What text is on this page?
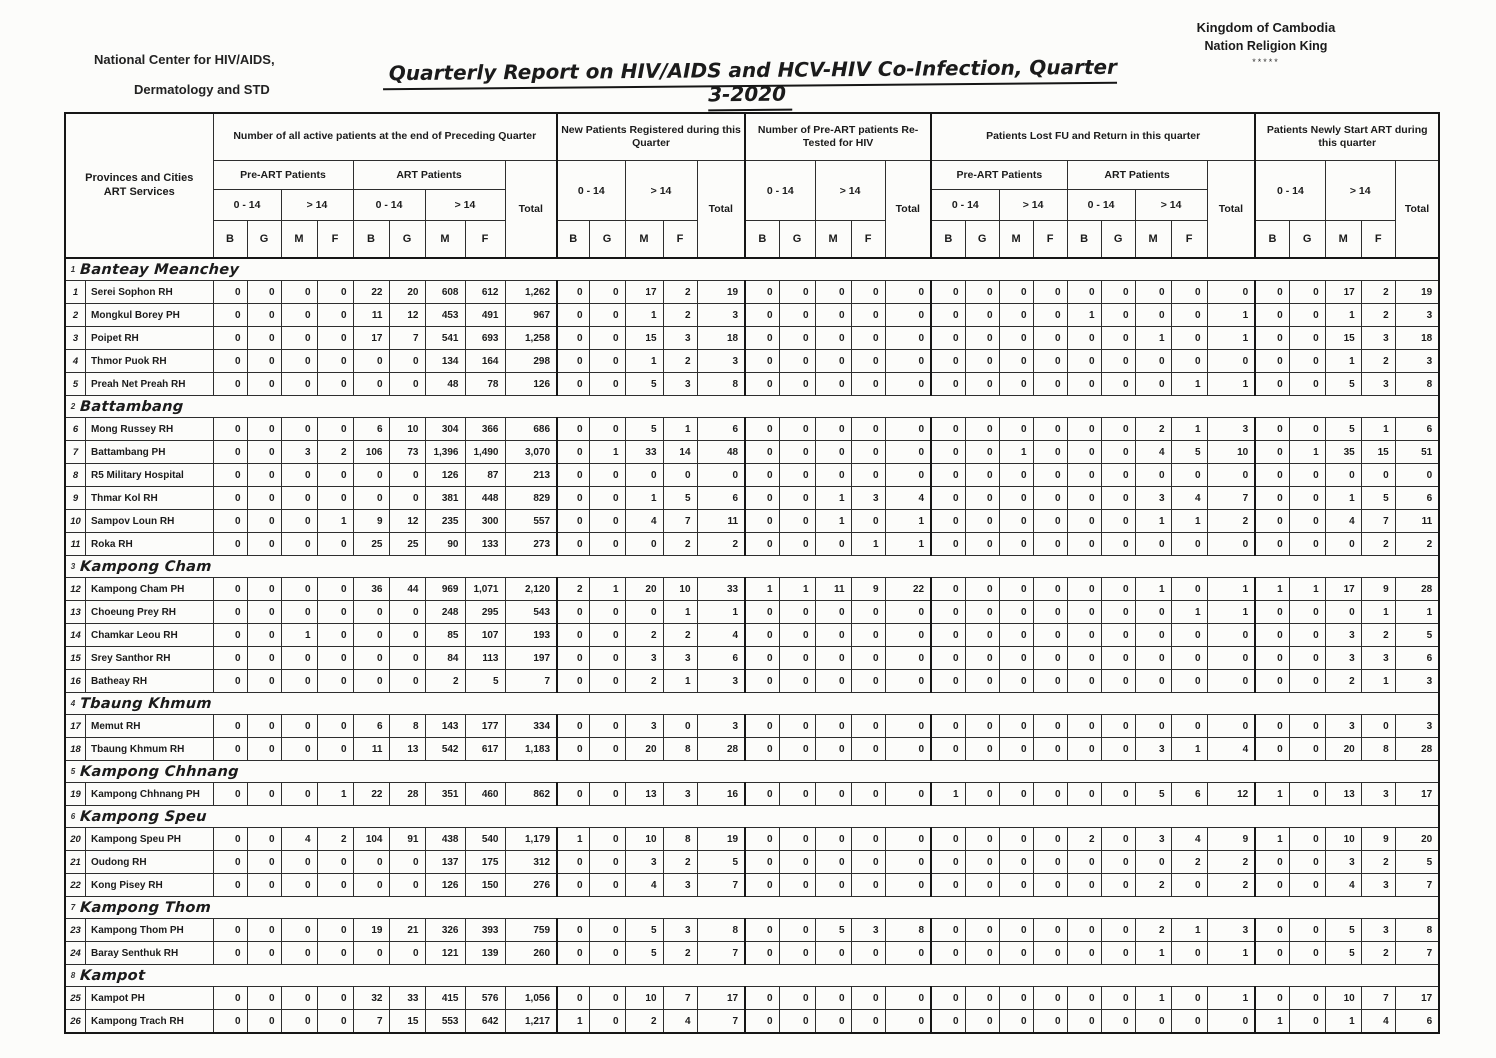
National Center for HIV/AIDS,
Dermatology and STD
Quarterly Report on HIV/AIDS and HCV-HIV Co-Infection, Quarter 3-2020
Kingdom of Cambodia
Nation Religion King
*****
Provinces and Cities
ART Services	Number of all active patients at the end of Preceding Quarter									New Patients Registered during this Quarter					Number of Pre-ART patients Re-Tested for HIV					Patients Lost FU and Return in this quarter									Patients Newly Start ART during this quarter				
	Pre-ART Patients				ART Patients				Total	0 - 14		> 14		Total	0 - 14		> 14		Total	Pre-ART Patients				ART Patients				Total	0 - 14		> 14		Total
	0 - 14		> 14		0 - 14		> 14													0 - 14		> 14		0 - 14		> 14							
	B	G	M	F	B	G	M	F		B	G	M	F		B	G	M	F		B	G	M	F	B	G	M	F		B	G	M	F	

1 Banteay Meanchey																																	

1 Serei Sophon RH	0	0	0	0	22	20	608	612	1,262	0	0	17	2	19	0	0	0	0	0	0	0	0	0	0	0	0	0	0	0	0	17	2	19

2 Mongkul Borey PH	0	0	0	0	11	12	453	491	967	0	0	1	2	3	0	0	0	0	0	0	0	0	0	1	0	0	0	1	0	0	1	2	3

3 Poipet RH	0	0	0	0	17	7	541	693	1,258	0	0	15	3	18	0	0	0	0	0	0	0	0	0	0	0	1	0	1	0	0	15	3	18

4 Thmor Puok RH	0	0	0	0	0	0	134	164	298	0	0	1	2	3	0	0	0	0	0	0	0	0	0	0	0	0	0	0	0	0	1	2	3

5 Preah Net Preah RH	0	0	0	0	0	0	48	78	126	0	0	5	3	8	0	0	0	0	0	0	0	0	0	0	0	0	1	1	0	0	5	3	8

2 Battambang																																	

6 Mong Russey RH	0	0	0	0	6	10	304	366	686	0	0	5	1	6	0	0	0	0	0	0	0	0	0	0	0	2	1	3	0	0	5	1	6

7 Battambang PH	0	0	3	2	106	73	1,396	1,490	3,070	0	1	33	14	48	0	0	0	0	0	0	0	1	0	0	0	4	5	10	0	1	35	15	51

8 R5 Military Hospital	0	0	0	0	0	0	126	87	213	0	0	0	0	0	0	0	0	0	0	0	0	0	0	0	0	0	0	0	0	0	0	0	0

9 Thmar Kol RH	0	0	0	0	0	0	381	448	829	0	0	1	5	6	0	0	1	3	4	0	0	0	0	0	0	3	4	7	0	0	1	5	6

10 Sampov Loun RH	0	0	0	1	9	12	235	300	557	0	0	4	7	11	0	0	1	0	1	0	0	0	0	0	0	1	1	2	0	0	4	7	11

11 Roka RH	0	0	0	0	25	25	90	133	273	0	0	0	2	2	0	0	0	1	1	0	0	0	0	0	0	0	0	0	0	0	0	2	2

3 Kampong Cham																																	

12 Kampong Cham PH	0	0	0	0	36	44	969	1,071	2,120	2	1	20	10	33	1	1	11	9	22	0	0	0	0	0	0	1	0	1	1	1	17	9	28

13 Choeung Prey RH	0	0	0	0	0	0	248	295	543	0	0	0	1	1	0	0	0	0	0	0	0	0	0	0	0	0	1	1	0	0	0	1	1

14 Chamkar Leou RH	0	0	1	0	0	0	85	107	193	0	0	2	2	4	0	0	0	0	0	0	0	0	0	0	0	0	0	0	0	0	3	2	5

15 Srey Santhor RH	0	0	0	0	0	0	84	113	197	0	0	3	3	6	0	0	0	0	0	0	0	0	0	0	0	0	0	0	0	0	3	3	6

16 Batheay RH	0	0	0	0	0	0	2	5	7	0	0	2	1	3	0	0	0	0	0	0	0	0	0	0	0	0	0	0	0	0	2	1	3

4 Tbaung Khmum																																	

17 Memut RH	0	0	0	0	6	8	143	177	334	0	0	3	0	3	0	0	0	0	0	0	0	0	0	0	0	0	0	0	0	0	3	0	3

18 Tbaung Khmum RH	0	0	0	0	11	13	542	617	1,183	0	0	20	8	28	0	0	0	0	0	0	0	0	0	0	0	3	1	4	0	0	20	8	28

5 Kampong Chhnang																																	

19 Kampong Chhnang PH	0	0	0	1	22	28	351	460	862	0	0	13	3	16	0	0	0	0	0	1	0	0	0	0	0	5	6	12	1	0	13	3	17

6 Kampong Speu																																	

20 Kampong Speu PH	0	0	4	2	104	91	438	540	1,179	1	0	10	8	19	0	0	0	0	0	0	0	0	0	2	0	3	4	9	1	0	10	9	20

21 Oudong RH	0	0	0	0	0	0	137	175	312	0	0	3	2	5	0	0	0	0	0	0	0	0	0	0	0	0	2	2	0	0	3	2	5

22 Kong Pisey RH	0	0	0	0	0	0	126	150	276	0	0	4	3	7	0	0	0	0	0	0	0	0	0	0	0	2	0	2	0	0	4	3	7

7 Kampong Thom																																	

23 Kampong Thom PH	0	0	0	0	19	21	326	393	759	0	0	5	3	8	0	0	5	3	8	0	0	0	0	0	0	2	1	3	0	0	5	3	8

24 Baray Senthuk RH	0	0	0	0	0	0	121	139	260	0	0	5	2	7	0	0	0	0	0	0	0	0	0	0	0	1	0	1	0	0	5	2	7

8 Kampot																																	

25 Kampot PH	0	0	0	0	32	33	415	576	1,056	0	0	10	7	17	0	0	0	0	0	0	0	0	0	0	0	1	0	1	0	0	10	7	17

26 Kampong Trach RH	0	0	0	0	7	15	553	642	1,217	1	0	2	4	7	0	0	0	0	0	0	0	0	0	0	0	0	0	0	1	0	1	4	6
